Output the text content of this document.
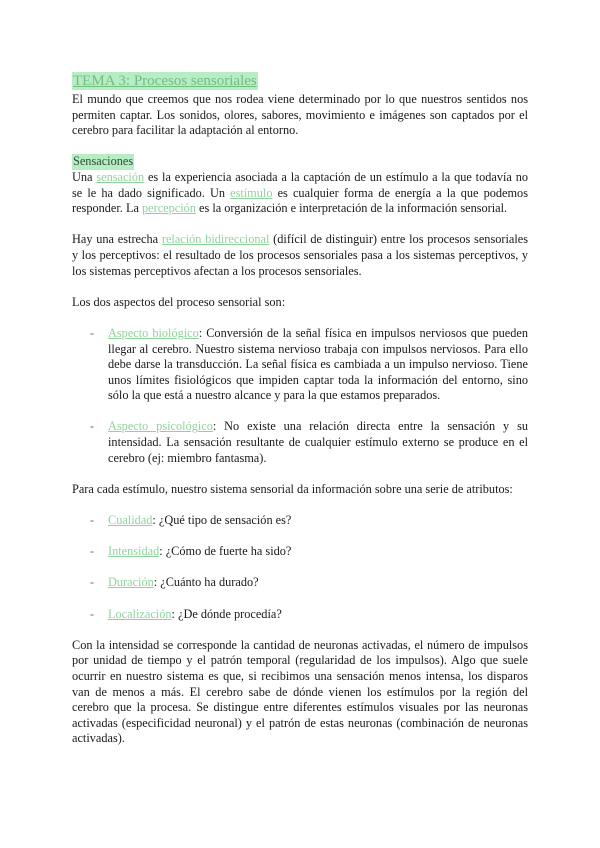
TEMA 3: Procesos sensoriales

El mundo que creemos que nos rodea viene determinado por lo que nuestros sentidos nos permiten captar. Los sonidos, olores, sabores, movimiento e imágenes son captados por el cerebro para facilitar la adaptación al entorno.

Sensaciones

Una sensación es la experiencia asociada a la captación de un estímulo a la que todavía no se le ha dado significado. Un estímulo es cualquier forma de energía a la que podemos responder. La percepción es la organización e interpretación de la información sensorial.

Hay una estrecha relación bidireccional (difícil de distinguir) entre los procesos sensoriales y los perceptivos: el resultado de los procesos sensoriales pasa a los sistemas perceptivos, y los sistemas perceptivos afectan a los procesos sensoriales.

Los dos aspectos del proceso sensorial son:

- Aspecto biológico: Conversión de la señal física en impulsos nerviosos que pueden llegar al cerebro. Nuestro sistema nervioso trabaja con impulsos nerviosos. Para ello debe darse la transducción. La señal física es cambiada a un impulso nervioso. Tiene unos límites fisiológicos que impiden captar toda la información del entorno, sino sólo la que está a nuestro alcance y para la que estamos preparados.
- Aspecto psicológico: No existe una relación directa entre la sensación y su intensidad. La sensación resultante de cualquier estímulo externo se produce en el cerebro (ej: miembro fantasma).

Para cada estímulo, nuestro sistema sensorial da información sobre una serie de atributos:

- Cualidad: ¿Qué tipo de sensación es?
- Intensidad: ¿Cómo de fuerte ha sido?
- Duración: ¿Cuánto ha durado?
- Localización: ¿De dónde procedía?

Con la intensidad se corresponde la cantidad de neuronas activadas, el número de impulsos por unidad de tiempo y el patrón temporal (regularidad de los impulsos). Algo que suele ocurrir en nuestro sistema es que, si recibimos una sensación menos intensa, los disparos van de menos a más. El cerebro sabe de dónde vienen los estímulos por la región del cerebro que la procesa. Se distingue entre diferentes estímulos visuales por las neuronas activadas (especificidad neuronal) y el patrón de estas neuronas (combinación de neuronas activadas).
